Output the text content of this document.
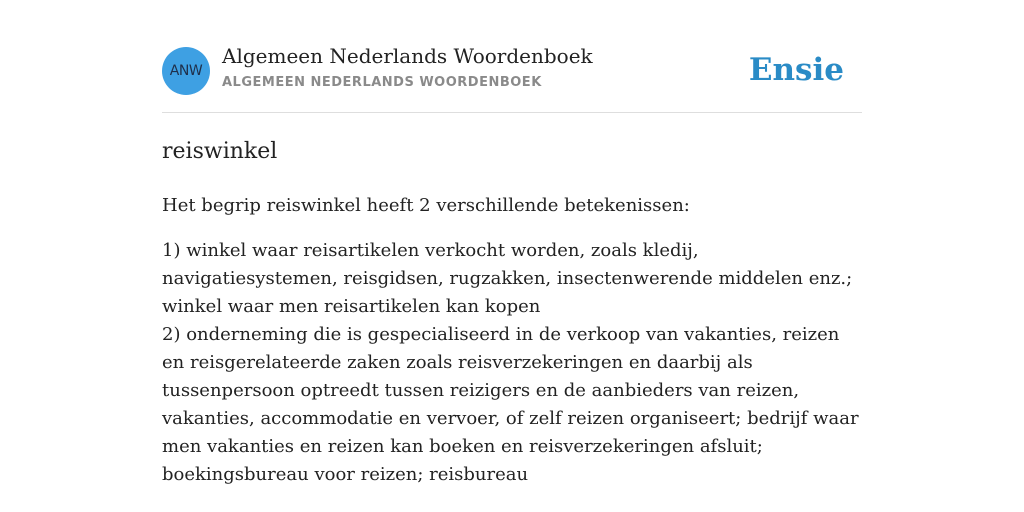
ANW
Algemeen Nederlands Woordenboek
ALGEMEEN NEDERLANDS WOORDENBOEK	Ensie
reiswinkel

Het begrip reiswinkel heeft 2 verschillende betekenissen:

1) winkel waar reisartikelen verkocht worden, zoals kledij, navigatiesystemen, reisgidsen, rugzakken, insectenwerende middelen enz.; winkel waar men reisartikelen kan kopen
2) onderneming die is gespecialiseerd in de verkoop van vakanties, reizen en reisgerelateerde zaken zoals reisverzekeringen en daarbij als tussenpersoon optreedt tussen reizigers en de aanbieders van reizen, vakanties, accommodatie en vervoer, of zelf reizen organiseert; bedrijf waar men vakanties en reizen kan boeken en reisverzekeringen afsluit; boekingsbureau voor reizen; reisbureau
